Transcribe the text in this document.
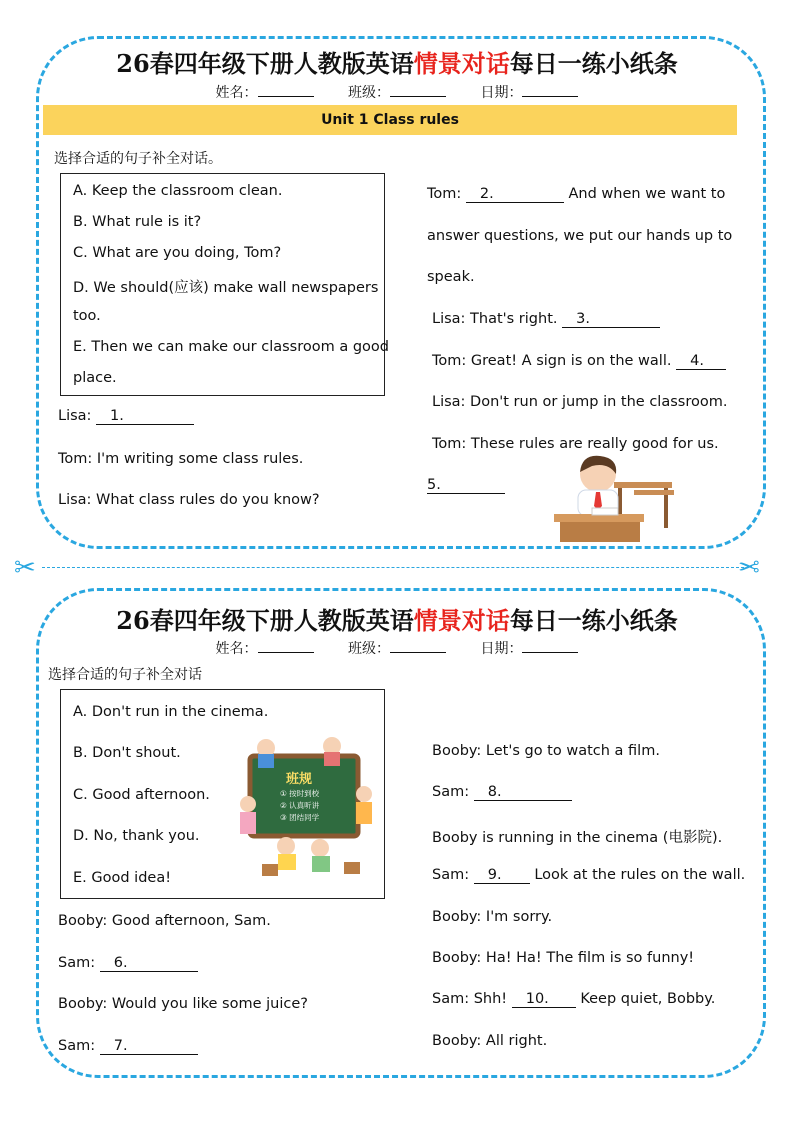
26春四年级下册人教版英语情景对话每日一练小纸条
姓名：	班级：	日期：
Unit 1 Class rules
选择合适的句子补全对话。
A. Keep the classroom clean.
B. What rule is it?
C. What are you doing, Tom?
D. We should(应该) make wall newspapers
too.
E. Then we can make our classroom a good
place.
Lisa: 1.
Tom: I'm writing some class rules.
Lisa: What class rules do you know?
Tom: 2.	And when we want to
answer questions, we put our hands up to
speak.
Lisa: That's right. 3.
Tom: Great! A sign is on the wall. 4.
Lisa: Don't run or jump in the classroom.
Tom: These rules are really good for us.
5.
✂	✂
26春四年级下册人教版英语情景对话每日一练小纸条
姓名：	班级：	日期：
选择合适的句子补全对话
A. Don't run in the cinema.
B. Don't shout.
C. Good afternoon.
D. No, thank you.
E. Good idea!
班规
① 按时到校
② 认真听讲
③ 团结同学
Booby: Good afternoon, Sam.
Sam: 6.
Booby: Would you like some juice?
Sam: 7.
Booby: Let's go to watch a film.
Sam: 8.
Booby is running in the cinema (电影院).
Sam: 9. Look at the rules on the wall.
Booby: I'm sorry.
Booby: Ha! Ha! The film is so funny!
Sam: Shh! 10. Keep quiet, Bobby.
Booby: All right.
